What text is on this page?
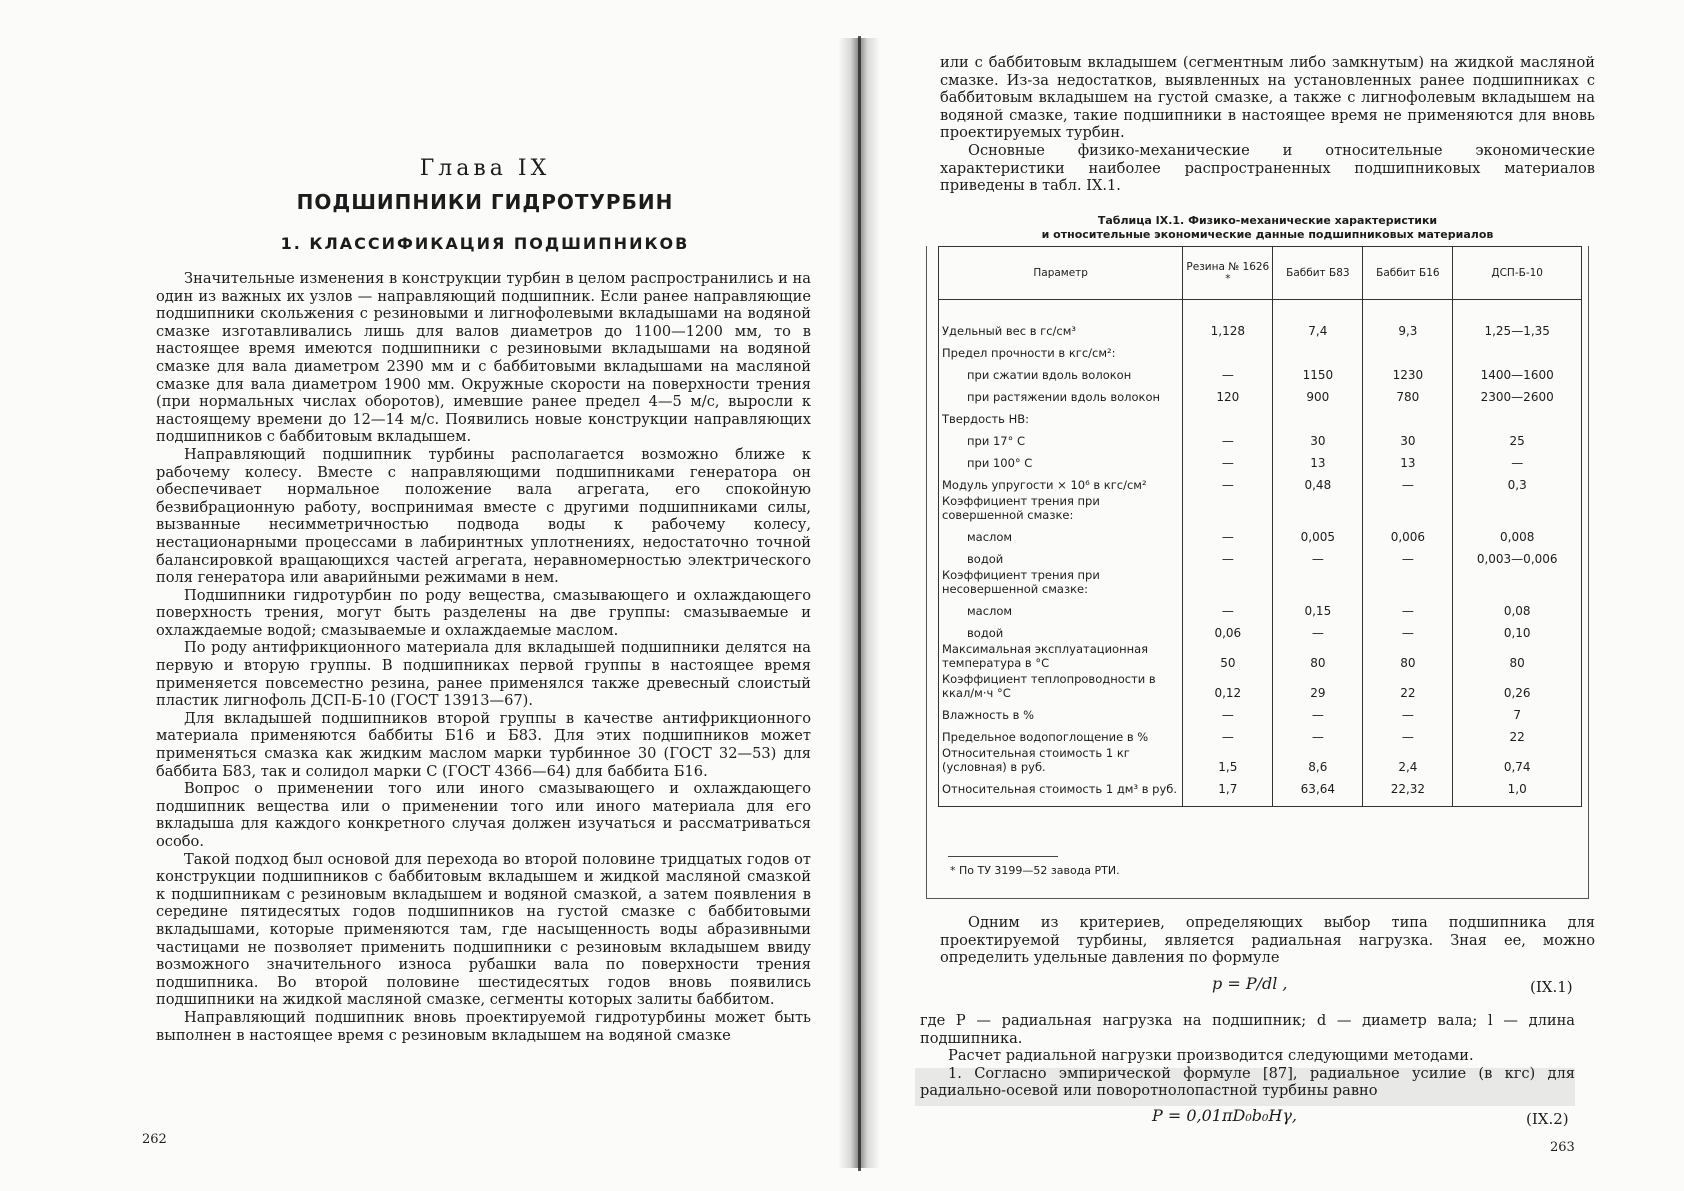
Глава IX
ПОДШИПНИКИ ГИДРОТУРБИН
1. КЛАССИФИКАЦИЯ ПОДШИПНИКОВ

Значительные изменения в конструкции турбин в целом распространились и на один из важных их узлов — направляющий подшипник. Если ранее направляющие подшипники скольжения с резиновыми и лигнофолевыми вкладышами на водяной смазке изготавливались лишь для валов диаметров до 1100—1200 мм, то в настоящее время имеются подшипники с резиновыми вкладышами на водяной смазке для вала диаметром 2390 мм и с баббитовыми вкладышами на масляной смазке для вала диаметром 1900 мм. Окружные скорости на поверхности трения (при нормальных числах оборотов), имевшие ранее предел 4—5 м/с, выросли к настоящему времени до 12—14 м/с. Появились новые конструкции направляющих подшипников с баббитовым вкладышем.

Направляющий подшипник турбины располагается возможно ближе к рабочему колесу. Вместе с направляющими подшипниками генератора он обеспечивает нормальное положение вала агрегата, его спокойную безвибрационную работу, воспринимая вместе с другими подшипниками силы, вызванные несимметричностью подвода воды к рабочему колесу, нестационарными процессами в лабиринтных уплотнениях, недостаточно точной балансировкой вращающихся частей агрегата, неравномерностью электрического поля генератора или аварийными режимами в нем.

Подшипники гидротурбин по роду вещества, смазывающего и охлаждающего поверхность трения, могут быть разделены на две группы: смазываемые и охлаждаемые водой; смазываемые и охлаждаемые маслом.

По роду антифрикционного материала для вкладышей подшипники делятся на первую и вторую группы. В подшипниках первой группы в настоящее время применяется повсеместно резина, ранее применялся также древесный слоистый пластик лигнофоль ДСП-Б-10 (ГОСТ 13913—67).

Для вкладышей подшипников второй группы в качестве антифрикционного материала применяются баббиты Б16 и Б83. Для этих подшипников может применяться смазка как жидким маслом марки турбинное 30 (ГОСТ 32—53) для баббита Б83, так и солидол марки С (ГОСТ 4366—64) для баббита Б16.

Вопрос о применении того или иного смазывающего и охлаждающего подшипник вещества или о применении того или иного материала для его вкладыша для каждого конкретного случая должен изучаться и рассматриваться особо.

Такой подход был основой для перехода во второй половине тридцатых годов от конструкции подшипников с баббитовым вкладышем и жидкой масляной смазкой к подшипникам с резиновым вкладышем и водяной смазкой, а затем появления в середине пятидесятых годов подшипников на густой смазке с баббитовыми вкладышами, которые применяются там, где насыщенность воды абразивными частицами не позволяет применить подшипники с резиновым вкладышем ввиду возможного значительного износа рубашки вала по поверхности трения подшипника. Во второй половине шестидесятых годов вновь появились подшипники на жидкой масляной смазке, сегменты которых залиты баббитом.

Направляющий подшипник вновь проектируемой гидротурбины может быть выполнен в настоящее время с резиновым вкладышем на водяной смазке

262

или с баббитовым вкладышем (сегментным либо замкнутым) на жидкой масляной смазке. Из-за недостатков, выявленных на установленных ранее подшипниках с баббитовым вкладышем на густой смазке, а также с лигнофолевым вкладышем на водяной смазке, такие подшипники в настоящее время не применяются для вновь проектируемых турбин.

Основные физико-механические и относительные экономические характеристики наиболее распространенных подшипниковых материалов приведены в табл. IX.1.

Таблица IX.1. Физико-механические характеристики
и относительные экономические данные подшипниковых материалов
Параметр	Резина № 1626 *	Баббит Б83	Баббит Б16	ДСП-Б-10
Удельный вес в гс/см³	1,128	7,4	9,3	1,25—1,35
Предел прочности в кгс/см²:				
при сжатии вдоль волокон	—	1150	1230	1400—1600
при растяжении вдоль волокон	120	900	780	2300—2600
Твердость HB:				
при 17° С	—	30	30	25
при 100° С	—	13	13	—
Модуль упругости × 10⁶ в кгс/см²	—	0,48	—	0,3
Коэффициент трения при совершенной смазке:				
маслом	—	0,005	0,006	0,008
водой	—	—	—	0,003—0,006
Коэффициент трения при несовершенной смазке:				
маслом	—	0,15	—	0,08
водой	0,06	—	—	0,10
Максимальная эксплуатационная температура в °С	50	80	80	80
Коэффициент теплопроводности в ккал/м·ч °С	0,12	29	22	0,26
Влажность в %	—	—	—	7
Предельное водопоглощение в %	—	—	—	22
Относительная стоимость 1 кг (условная) в руб.	1,5	8,6	2,4	0,74
Относительная стоимость 1 дм³ в руб.	1,7	63,64	22,32	1,0
* По ТУ 3199—52 завода РТИ.

Одним из критериев, определяющих выбор типа подшипника для проектируемой турбины, является радиальная нагрузка. Зная ее, можно определить удельные давления по формуле

p = P/dl ,	(IX.1)

где P — радиальная нагрузка на подшипник; d — диаметр вала; l — длина подшипника.

Расчет радиальной нагрузки производится следующими методами.

1. Согласно эмпирической формуле [87], радиальное усилие (в кгс) для радиально-осевой или поворотнолопастной турбины равно

P = 0,01πD₀b₀Hγ,	(IX.2)
263
